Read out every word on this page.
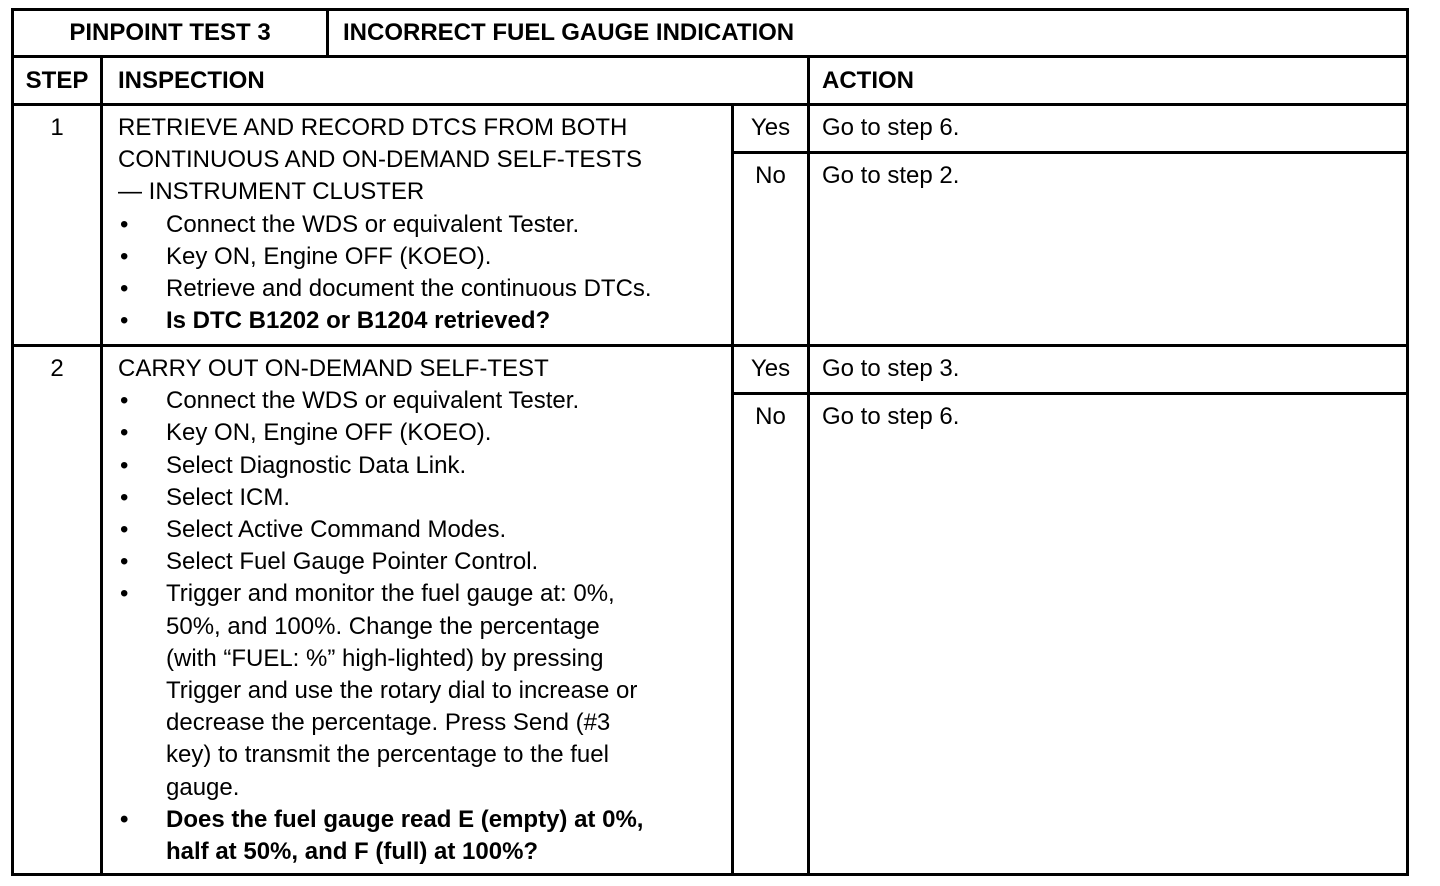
PINPOINT TEST 3	INCORRECT FUEL GAUGE INDICATION
STEP	INSPECTION	ACTION
1	RETRIEVE AND RECORD DTCS FROM BOTH
CONTINUOUS AND ON-DEMAND SELF-TESTS
— INSTRUMENT CLUSTER
• Connect the WDS or equivalent Tester.
• Key ON, Engine OFF (KOEO).
• Retrieve and document the continuous DTCs.
• Is DTC B1202 or B1204 retrieved?
Yes	Go to step 6.
No	Go to step 2.
2	CARRY OUT ON-DEMAND SELF-TEST
• Connect the WDS or equivalent Tester.
• Key ON, Engine OFF (KOEO).
• Select Diagnostic Data Link.
• Select ICM.
• Select Active Command Modes.
• Select Fuel Gauge Pointer Control.
• Trigger and monitor the fuel gauge at: 0%,
50%, and 100%. Change the percentage
(with “FUEL: %” high-lighted) by pressing
Trigger and use the rotary dial to increase or
decrease the percentage. Press Send (#3
key) to transmit the percentage to the fuel
gauge.
• Does the fuel gauge read E (empty) at 0%,
half at 50%, and F (full) at 100%?
Yes	Go to step 3.
No	Go to step 6.
